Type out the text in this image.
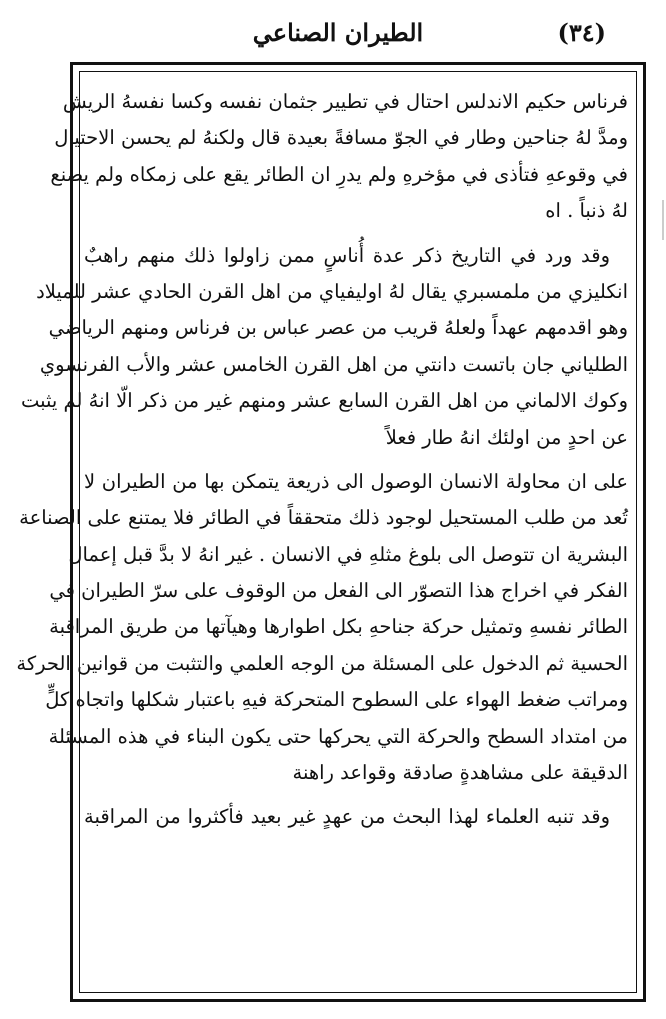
(٣٤)
الطيران الصناعي
فرناس حكيم الاندلس احتال في تطيير جثمان نفسه وكسا نفسهُ الريش
ومدَّ لهُ جناحين وطار في الجوّ مسافةً بعيدة قال ولكنهُ لم يحسن الاحتيال
في وقوعهِ فتأذى في مؤخرهِ ولم يدرِ ان الطائر يقع على زمكاه ولم يصنع
لهُ ذنباً . اه
وقد ورد في التاريخ ذكر عدة أُناسٍ ممن زاولوا ذلك منهم راهبٌ
انكليزي من ملمسبري يقال لهُ اوليفياي من اهل القرن الحادي عشر للميلاد
وهو اقدمهم عهداً ولعلهُ قريب من عصر عباس بن فرناس ومنهم الرياضي
الطلياني جان باتست دانتي من اهل القرن الخامس عشر والأب الفرنسوي
وكوك الالماني من اهل القرن السابع عشر ومنهم غير من ذكر الّا انهُ لم يثبت
عن احدٍ من اولئك انهُ طار فعلاً
على ان محاولة الانسان الوصول الى ذريعة يتمكن بها من الطيران لا
تُعد من طلب المستحيل لوجود ذلك متحققاً في الطائر فلا يمتنع على الصناعة
البشرية ان تتوصل الى بلوغ مثلهِ في الانسان . غير انهُ لا بدَّ قبل إعمال
الفكر في اخراج هذا التصوّر الى الفعل من الوقوف على سرّ الطيران في
الطائر نفسهِ وتمثيل حركة جناحهِ بكل اطوارها وهيآتها من طريق المراقبة
الحسية ثم الدخول على المسئلة من الوجه العلمي والتثبت من قوانين الحركة
ومراتب ضغط الهواء على السطوح المتحركة فيهِ باعتبار شكلها واتجاه كلٍّ
من امتداد السطح والحركة التي يحركها حتى يكون البناء في هذه المسئلة
الدقيقة على مشاهدةٍ صادقة وقواعد راهنة
وقد تنبه العلماء لهذا البحث من عهدٍ غير بعيد فأكثروا من المراقبة
